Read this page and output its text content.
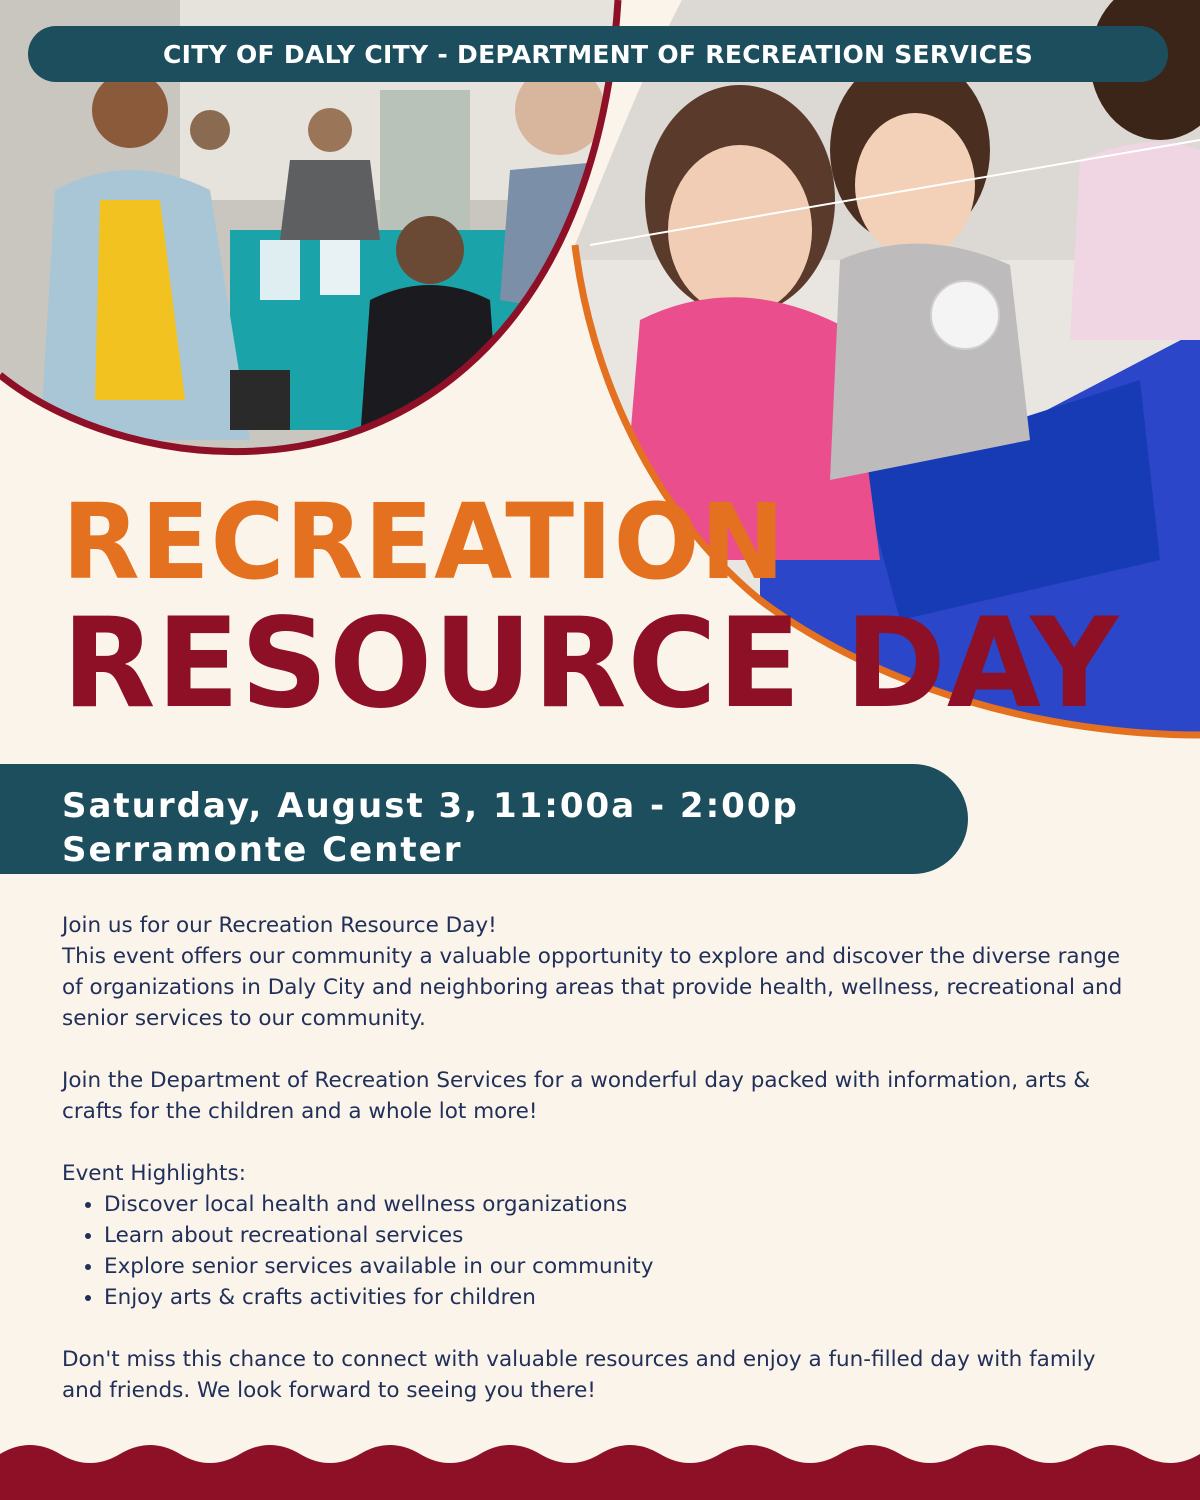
CITY OF DALY CITY - DEPARTMENT OF RECREATION SERVICES
RECREATION
RESOURCE DAY
Saturday, August 3, 11:00a - 2:00p
Serramonte Center

Join us for our Recreation Resource Day!

This event offers our community a valuable opportunity to explore and discover the diverse range of organizations in Daly City and neighboring areas that provide health, wellness, recreational and senior services to our community.

Join the Department of Recreation Services for a wonderful day packed with information, arts & crafts for the children and a whole lot more!

Event Highlights:

• Discover local health and wellness organizations
• Learn about recreational services
• Explore senior services available in our community
• Enjoy arts & crafts activities for children

Don't miss this chance to connect with valuable resources and enjoy a fun-filled day with family and friends. We look forward to seeing you there!
